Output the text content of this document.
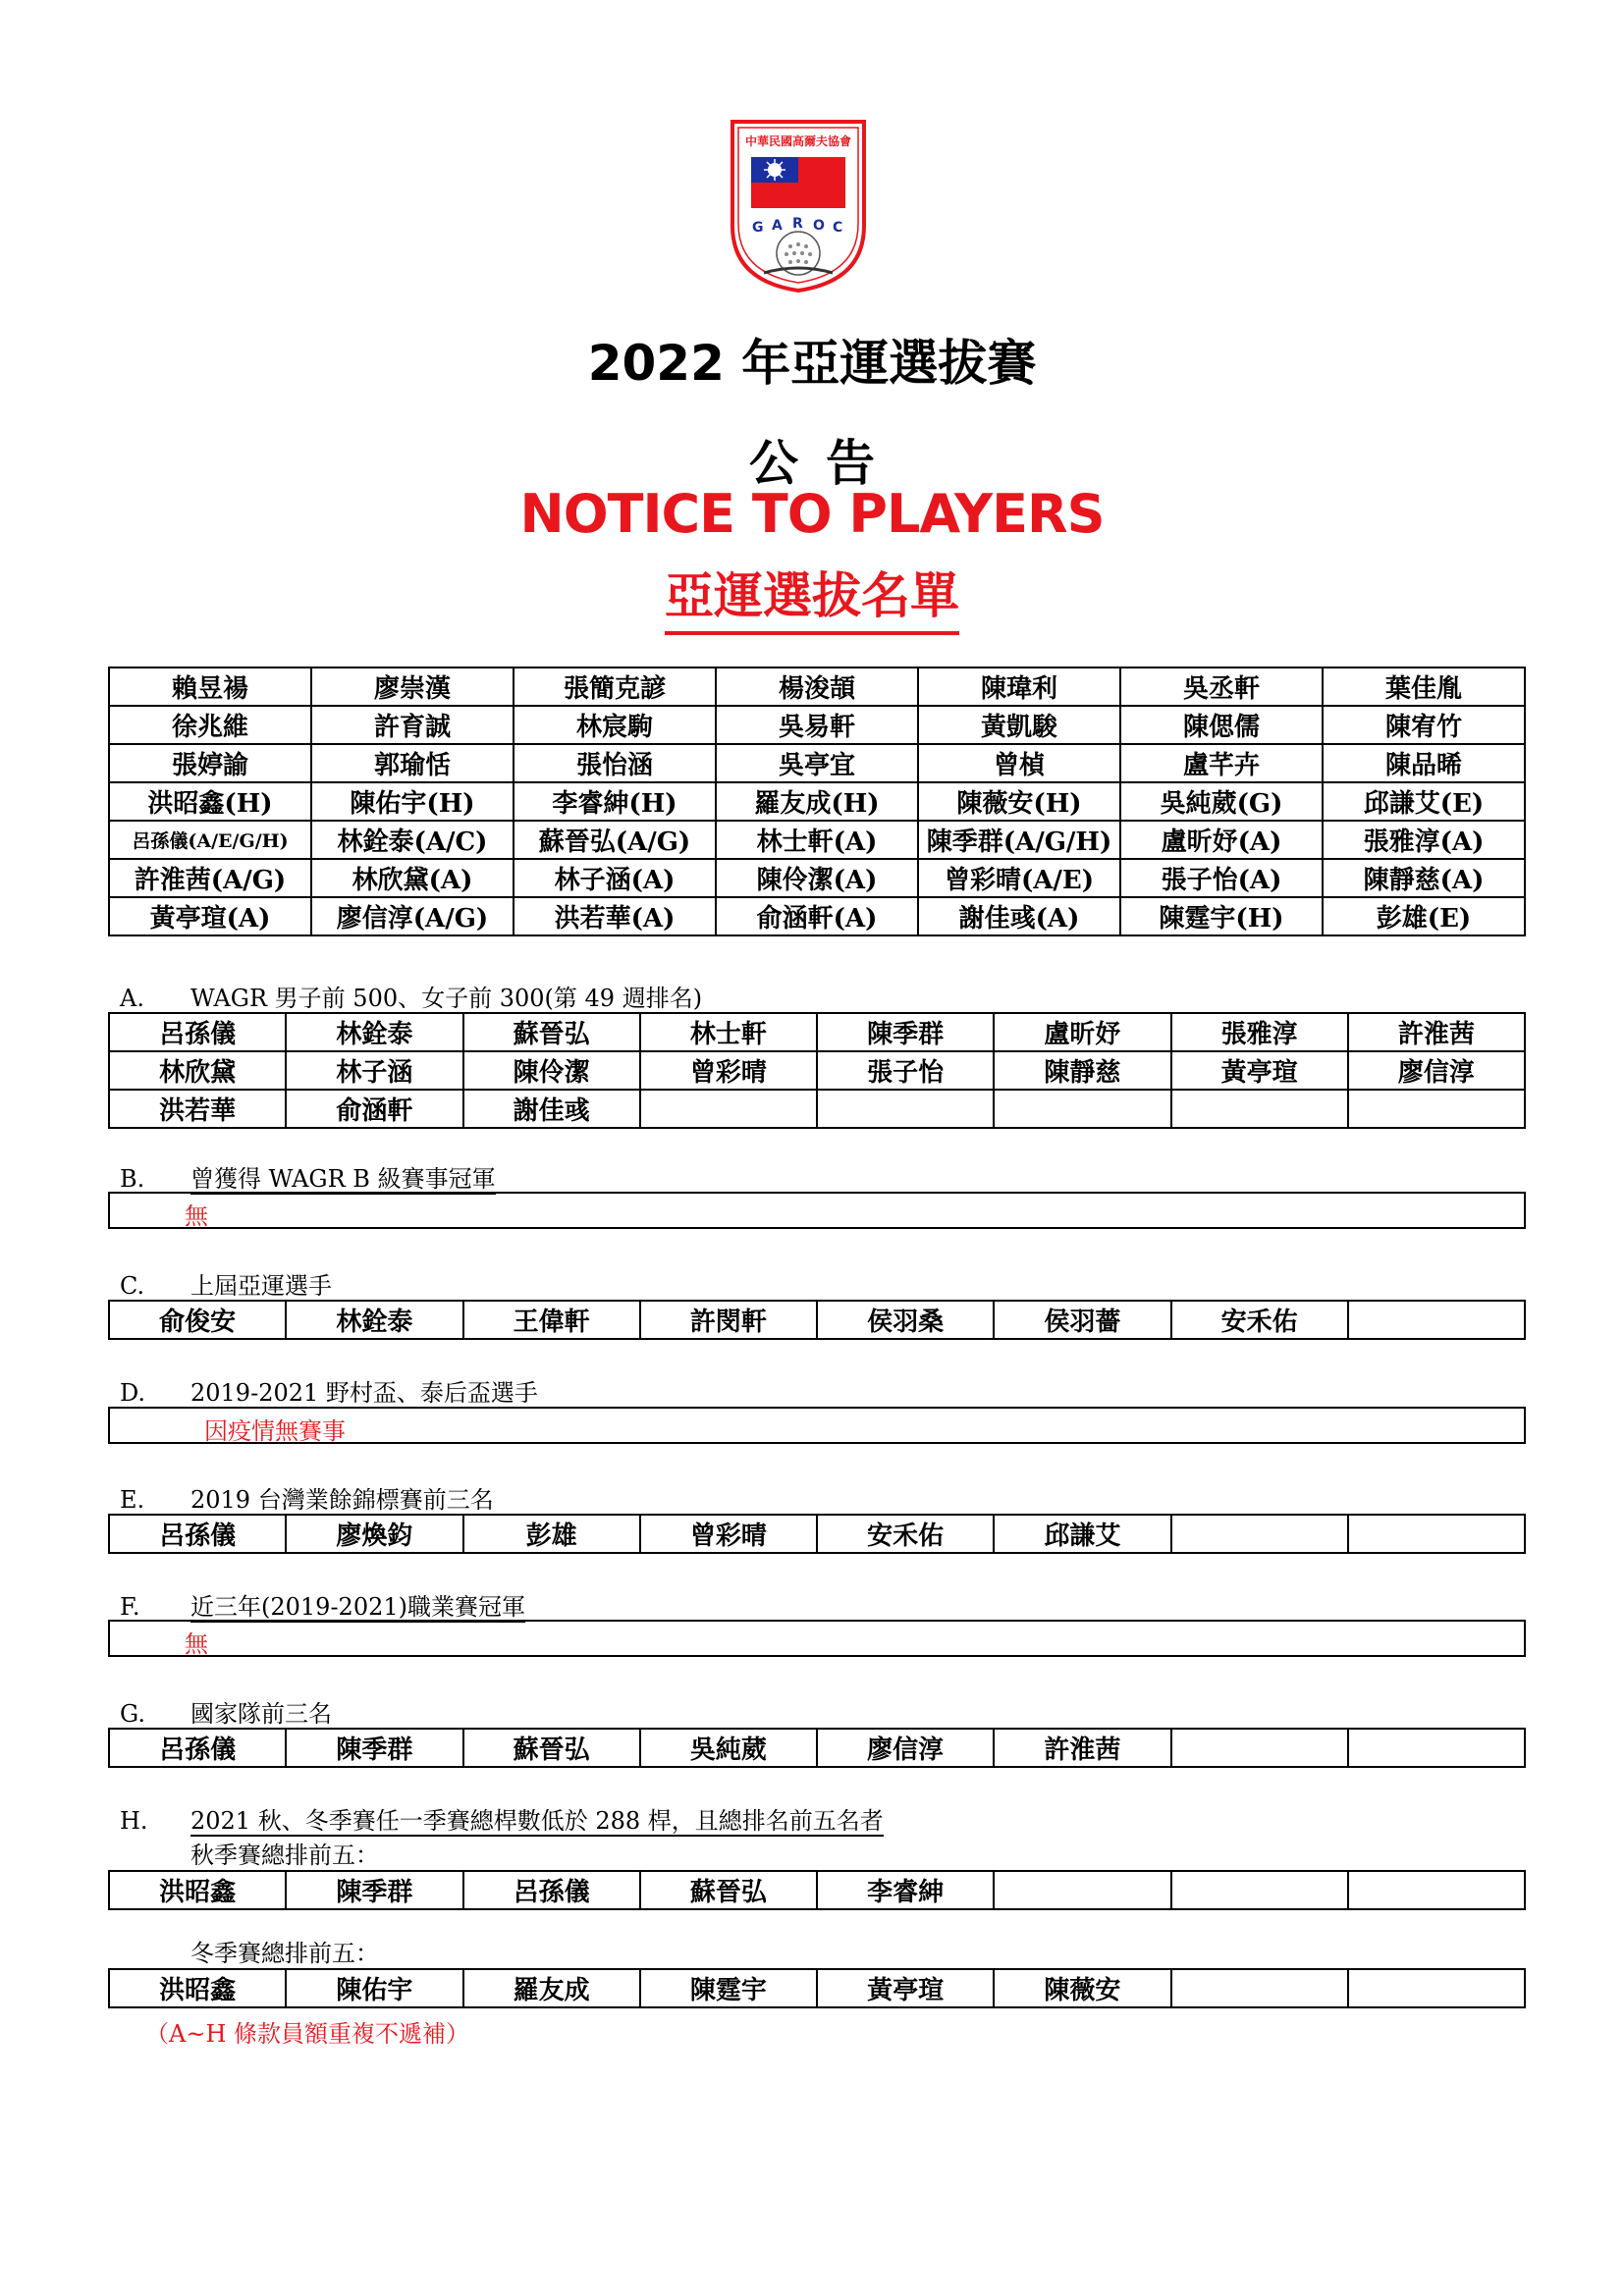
中華民國高爾夫協會
G A R O C
2022 年亞運選拔賽
公告
NOTICE TO PLAYERS
亞運選拔名單
賴昱禓	廖崇漢	張簡克諺	楊浚頡	陳瑋利	吳丞軒	葉佳胤
徐兆維	許育誠	林宸駒	吳易軒	黃凱駿	陳偲儒	陳宥竹
張婷諭	郭瑜恬	張怡涵	吳亭宜	曾楨	盧芊卉	陳品晞
洪昭鑫(H)	陳佑宇(H)	李睿紳(H)	羅友成(H)	陳薇安(H)	吳純葳(G)	邱謙艾(E)
呂孫儀(A/E/G/H)	林銓泰(A/C)	蘇晉弘(A/G)	林士軒(A)	陳季群(A/G/H)	盧昕妤(A)	張雅淳(A)
許淮茜(A/G)	林欣黛(A)	林子涵(A)	陳伶潔(A)	曾彩晴(A/E)	張子怡(A)	陳靜慈(A)
黃亭瑄(A)	廖信淳(A/G)	洪若華(A)	俞涵軒(A)	謝佳彧(A)	陳霆宇(H)	彭雄(E)
A. WAGR 男子前 500、女子前 300(第 49 週排名)
呂孫儀	林銓泰	蘇晉弘	林士軒	陳季群	盧昕妤	張雅淳	許淮茜
林欣黛	林子涵	陳伶潔	曾彩晴	張子怡	陳靜慈	黃亭瑄	廖信淳
洪若華	俞涵軒	謝佳彧					
B. 曾獲得 WAGR B 級賽事冠軍
無
C. 上屆亞運選手
俞俊安	林銓泰	王偉軒	許閔軒	侯羽桑	侯羽薔	安禾佑	
D. 2019-2021 野村盃、泰后盃選手
因疫情無賽事
E. 2019 台灣業餘錦標賽前三名
呂孫儀	廖煥鈞	彭雄	曾彩晴	安禾佑	邱謙艾		
F. 近三年(2019-2021)職業賽冠軍
無
G. 國家隊前三名
呂孫儀	陳季群	蘇晉弘	吳純葳	廖信淳	許淮茜		
H. 2021 秋、冬季賽任一季賽總桿數低於 288 桿，且總排名前五名者
秋季賽總排前五：
洪昭鑫	陳季群	呂孫儀	蘇晉弘	李睿紳			
冬季賽總排前五：
洪昭鑫	陳佑宇	羅友成	陳霆宇	黃亭瑄	陳薇安		
（A~H 條款員額重複不遞補）
